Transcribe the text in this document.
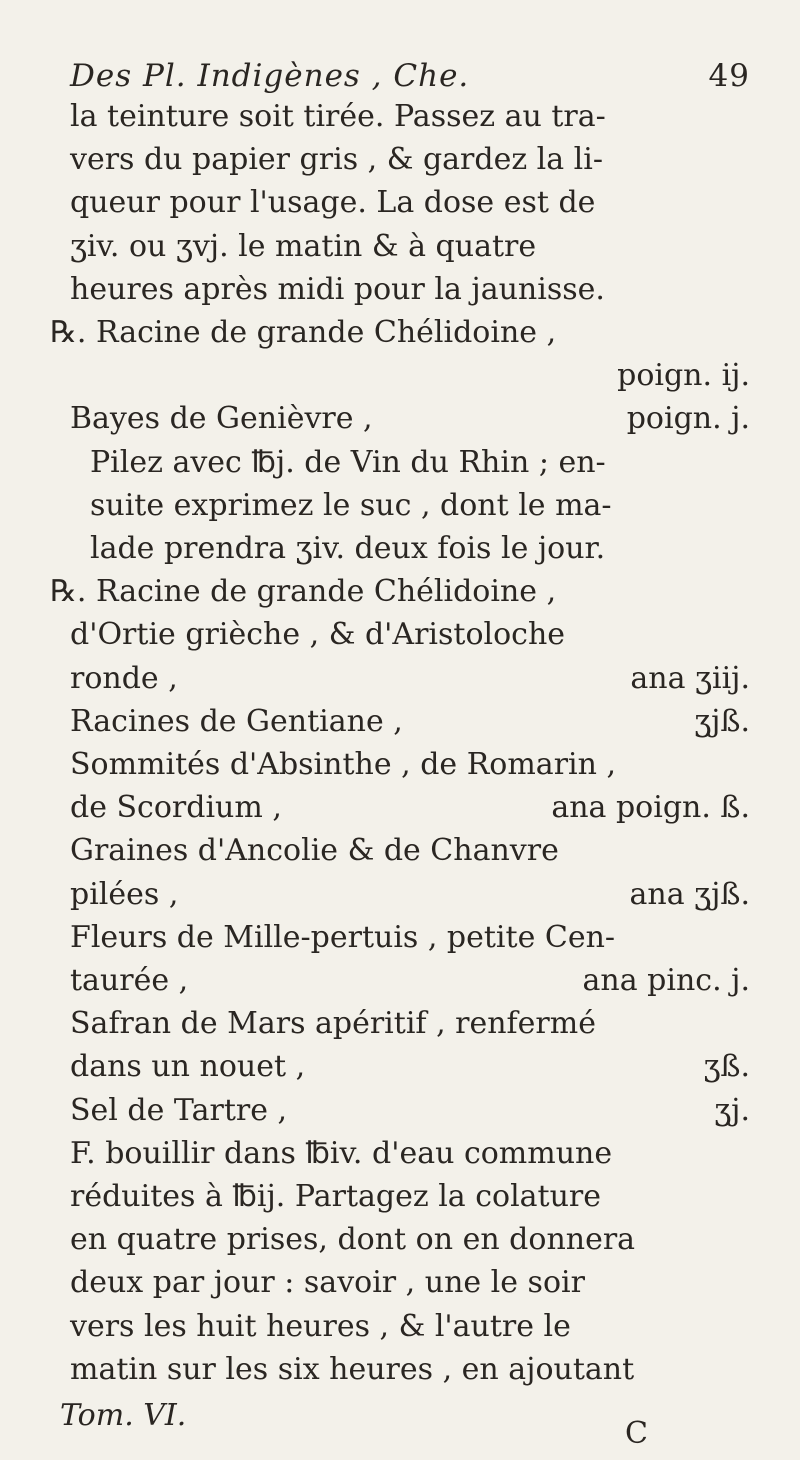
Des Pl. Indigènes , Che.	49
la teinture soit tirée. Passez au tra-
vers du papier gris , & gardez la li-
queur pour l'usage. La dose est de
ʒiv. ou ʒvj. le matin & à quatre
heures après midi pour la jaunisse.
℞. Racine de grande Chélidoine ,
poign. ij.
Bayes de Genièvre ,	poign. j.
Pilez avec ℔j. de Vin du Rhin ; en-
suite exprimez le suc , dont le ma-
lade prendra ʒiv. deux fois le jour.
℞. Racine de grande Chélidoine ,
d'Ortie grièche , & d'Aristoloche
ronde ,	ana ʒiij.
Racines de Gentiane ,	ʒjß.
Sommités d'Absinthe , de Romarin ,
de Scordium ,	ana poign. ß.
Graines d'Ancolie & de Chanvre
pilées ,	ana ʒjß.
Fleurs de Mille-pertuis , petite Cen-
taurée ,	ana pinc. j.
Safran de Mars apéritif , renfermé
dans un nouet ,	ʒß.
Sel de Tartre ,	ʒj.
F. bouillir dans ℔iv. d'eau commune
réduites à ℔ij. Partagez la colature
en quatre prises, dont on en donnera
deux par jour : savoir , une le soir
vers les huit heures , & l'autre le
matin sur les six heures , en ajoutant
Tom. VI.
C
